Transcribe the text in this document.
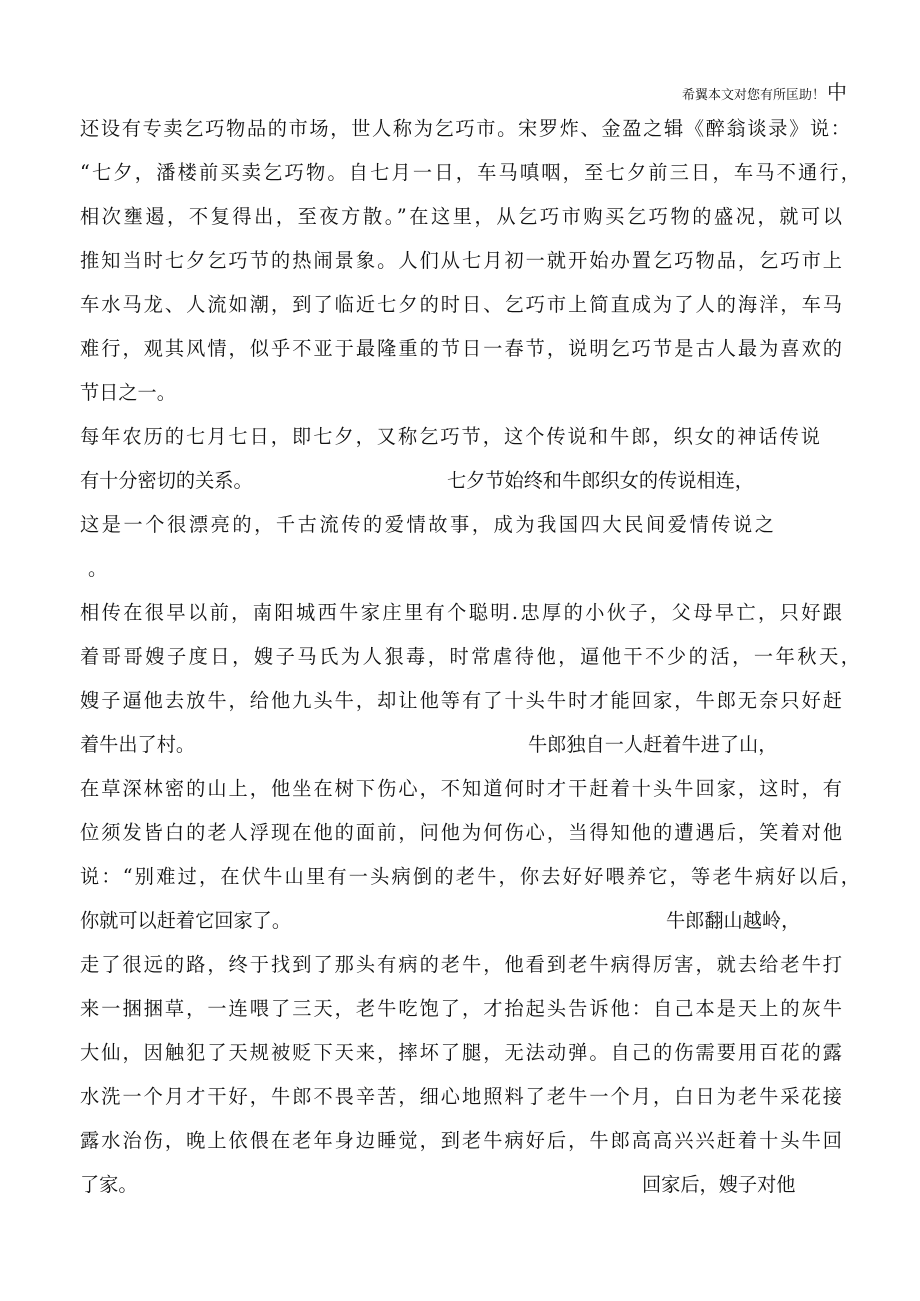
希翼本文对您有所匡助！ 中
还设有专卖乞巧物品的市场，世人称为乞巧市。宋罗炸、金盈之辑《醉翁谈录》说：
“七夕，潘楼前买卖乞巧物。自七月一日，车马嗔咽，至七夕前三日，车马不通行，
相次壅遏，不复得出，至夜方散。”在这里，从乞巧市购买乞巧物的盛况，就可以
推知当时七夕乞巧节的热闹景象。人们从七月初一就开始办置乞巧物品，乞巧市上
车水马龙、人流如潮，到了临近七夕的时日、乞巧市上简直成为了人的海洋，车马
难行，观其风情，似乎不亚于最隆重的节日一春节，说明乞巧节是古人最为喜欢的
节日之一。
每年农历的七月七日，即七夕，又称乞巧节，这个传说和牛郎，织女的神话传说
有十分密切的关系。	七夕节始终和牛郎织女的传说相连，
这是一个很漂亮的，千古流传的爱情故事，成为我国四大民间爱情传说之
。
相传在很早以前，南阳城西牛家庄里有个聪明.忠厚的小伙子，父母早亡，只好跟
着哥哥嫂子度日，嫂子马氏为人狠毒，时常虐待他，逼他干不少的活，一年秋天，
嫂子逼他去放牛，给他九头牛，却让他等有了十头牛时才能回家，牛郎无奈只好赶
着牛出了村。	牛郎独自一人赶着牛进了山，
在草深林密的山上，他坐在树下伤心，不知道何时才干赶着十头牛回家，这时，有
位须发皆白的老人浮现在他的面前，问他为何伤心，当得知他的遭遇后，笑着对他
说：“别难过，在伏牛山里有一头病倒的老牛，你去好好喂养它，等老牛病好以后，
你就可以赶着它回家了。	牛郎翻山越岭，
走了很远的路，终于找到了那头有病的老牛，他看到老牛病得厉害，就去给老牛打
来一捆捆草，一连喂了三天，老牛吃饱了，才抬起头告诉他：自己本是天上的灰牛
大仙，因触犯了天规被贬下天来，摔坏了腿，无法动弹。自己的伤需要用百花的露
水洗一个月才干好，牛郎不畏辛苦，细心地照料了老牛一个月，白日为老牛采花接
露水治伤，晚上依偎在老年身边睡觉，到老牛病好后，牛郎高高兴兴赶着十头牛回
了家。	回家后，嫂子对他
